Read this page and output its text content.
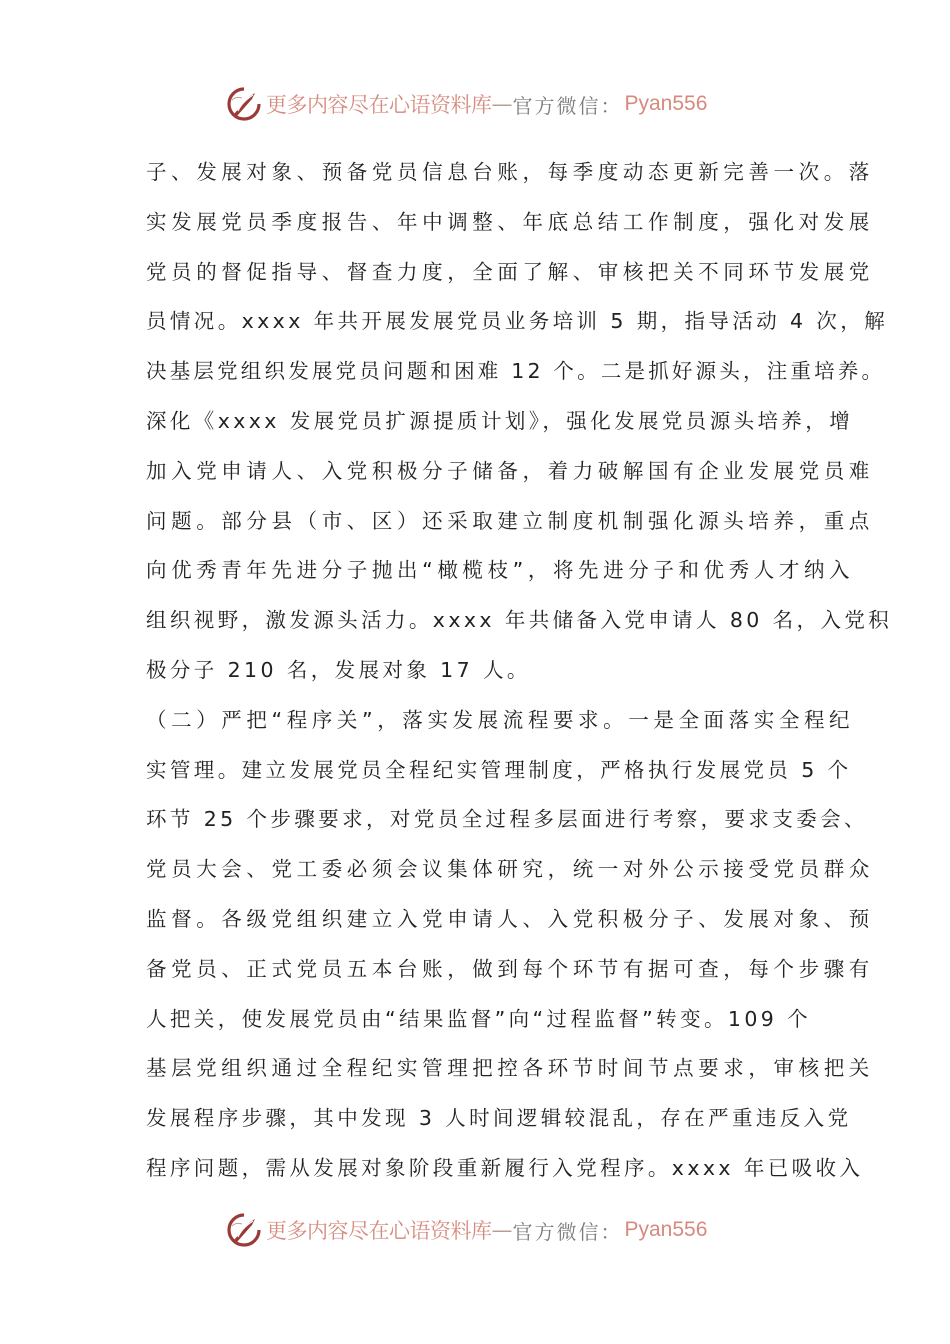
更多内容尽在心语资料库 — 官方微信： Pyan556
子、发展对象、预备党员信息台账，每季度动态更新完善一次。落
实发展党员季度报告、年中调整、年底总结工作制度，强化对发展
党员的督促指导、督查力度，全面了解、审核把关不同环节发展党
员情况。xxxx 年共开展发展党员业务培训 5 期，指导活动 4 次，解
决基层党组织发展党员问题和困难 12 个。二是抓好源头，注重培养。
深化《xxxx 发展党员扩源提质计划》，强化发展党员源头培养，增
加入党申请人、入党积极分子储备，着力破解国有企业发展党员难
问题。部分县（市、区）还采取建立制度机制强化源头培养，重点
向优秀青年先进分子抛出“橄榄枝”，将先进分子和优秀人才纳入
组织视野，激发源头活力。xxxx 年共储备入党申请人 80 名，入党积
极分子 210 名，发展对象 17 人。
（二）严把“程序关”，落实发展流程要求。一是全面落实全程纪
实管理。建立发展党员全程纪实管理制度，严格执行发展党员 5 个
环节 25 个步骤要求，对党员全过程多层面进行考察，要求支委会、
党员大会、党工委必须会议集体研究，统一对外公示接受党员群众
监督。各级党组织建立入党申请人、入党积极分子、发展对象、预
备党员、正式党员五本台账，做到每个环节有据可查，每个步骤有
人把关，使发展党员由“结果监督”向“过程监督”转变。109 个
基层党组织通过全程纪实管理把控各环节时间节点要求，审核把关
发展程序步骤，其中发现 3 人时间逻辑较混乱，存在严重违反入党
程序问题，需从发展对象阶段重新履行入党程序。xxxx 年已吸收入
更多内容尽在心语资料库 — 官方微信： Pyan556
